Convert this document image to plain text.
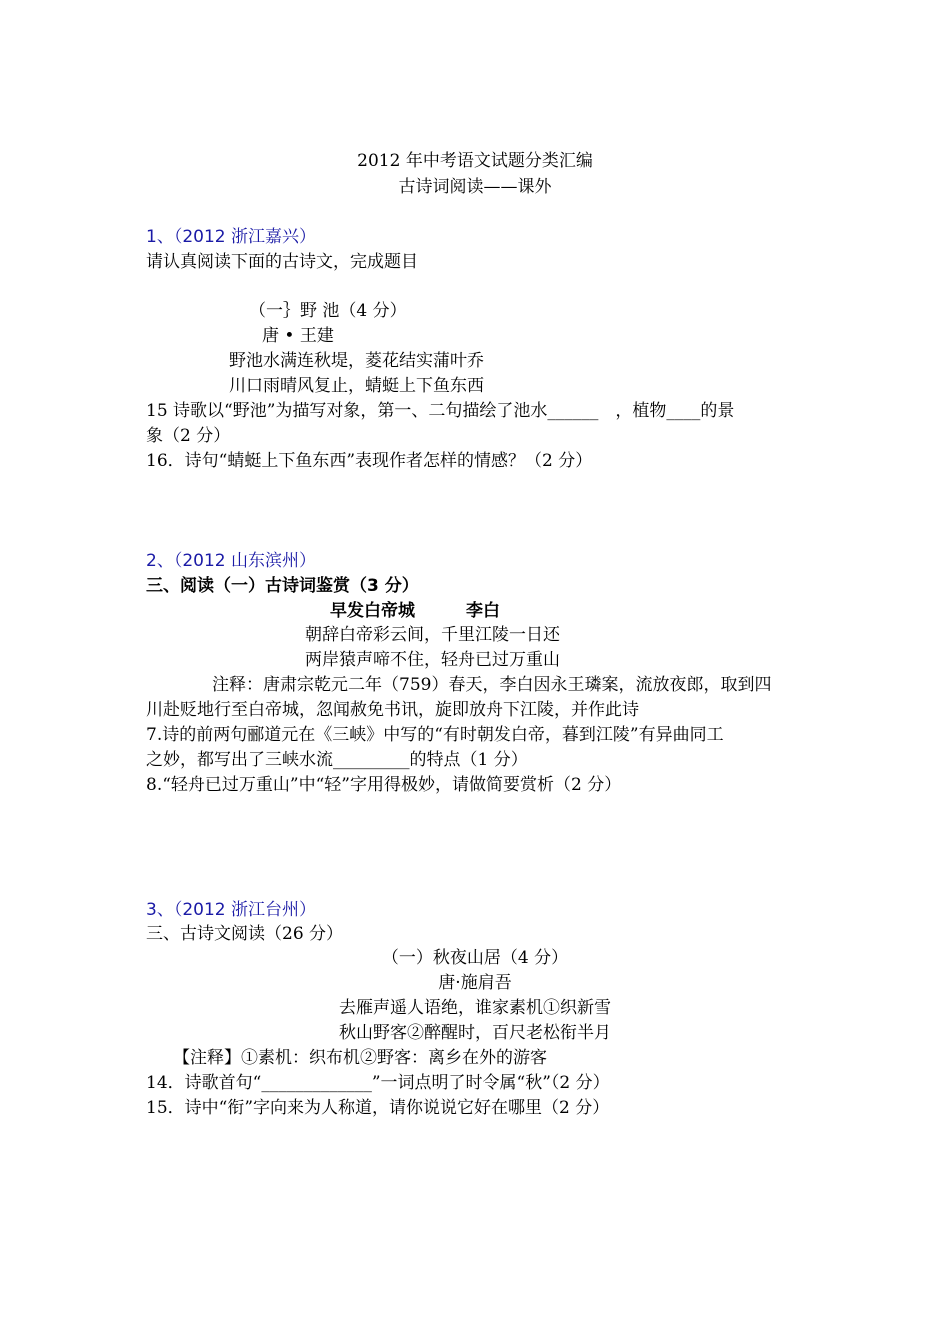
2012 年中考语文试题分类汇编
古诗词阅读——课外
1、（2012 浙江嘉兴）
请认真阅读下面的古诗文，完成题目
（一｝野 池（4 分）
唐 • 王建
野池水满连秋堤，菱花结实蒲叶乔
川口雨晴风复止，蜻蜓上下鱼东西
15 诗歌以“野池”为描写对象，第一、二句描绘了池水______　，植物____的景
象（2 分）
16．诗句“蜻蜓上下鱼东西”表现作者怎样的情感？（2 分）
2、（2012 山东滨州）
三、阅读（一）古诗词鉴赏（3 分）
早发白帝城　　　李白
朝辞白帝彩云间，千里江陵一日还
两岸猿声啼不住，轻舟已过万重山
注释：唐肃宗乾元二年（759）春天，李白因永王璘案，流放夜郎，取到四
川赴贬地行至白帝城，忽闻赦免书讯，旋即放舟下江陵，并作此诗
7.诗的前两句郦道元在《三峡》中写的“有时朝发白帝，暮到江陵”有异曲同工
之妙，都写出了三峡水流_________的特点（1 分）
8.“轻舟已过万重山”中“轻”字用得极妙，请做简要赏析（2 分）
3、（2012 浙江台州）
三、古诗文阅读（26 分）
（一）秋夜山居（4 分）
唐·施肩吾
去雁声遥人语绝，谁家素机①织新雪
秋山野客②醉醒时，百尺老松衔半月
【注释】①素机：织布机②野客：离乡在外的游客
14．诗歌首句“_____________”一词点明了时令属“秋”（2 分）
15．诗中“衔”字向来为人称道，请你说说它好在哪里（2 分）
